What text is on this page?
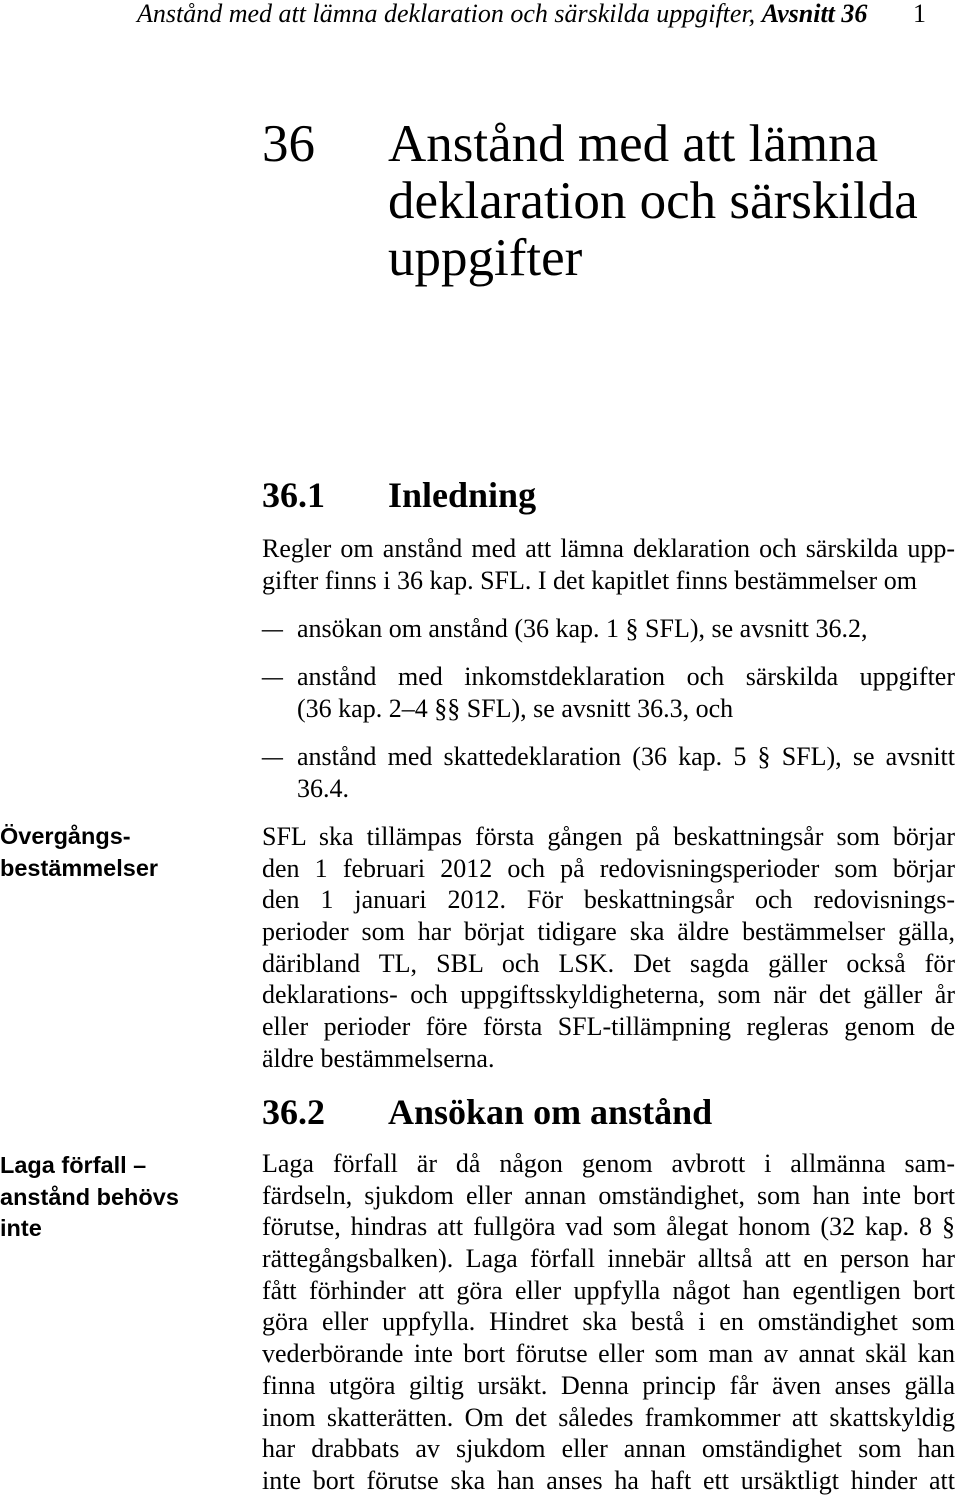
Anstånd med att lämna deklaration och särskilda uppgifter, Avsnitt 36 1
36 Anstånd med att lämna
deklaration och särskilda
uppgifter
36.1 Inledning
Regler om anstånd med att lämna deklaration och särskilda upp-
gifter finns i 36 kap. SFL. I det kapitlet finns bestämmelser om
– ansökan om anstånd (36 kap. 1 § SFL), se avsnitt 36.2,
– anstånd med inkomstdeklaration och särskilda uppgifter
(36 kap. 2–4 §§ SFL), se avsnitt 36.3, och
– anstånd med skattedeklaration (36 kap. 5 § SFL), se avsnitt
36.4.
Övergångs-
bestämmelser
SFL ska tillämpas första gången på beskattningsår som börjar
den 1 februari 2012 och på redovisningsperioder som börjar
den 1 januari 2012. För beskattningsår och redovisnings-
perioder som har börjat tidigare ska äldre bestämmelser gälla,
däribland TL, SBL och LSK. Det sagda gäller också för
deklarations- och uppgiftsskyldigheterna, som när det gäller år
eller perioder före första SFL-tillämpning regleras genom de
äldre bestämmelserna.
36.2 Ansökan om anstånd
Laga förfall –
anstånd behövs
inte
Laga förfall är då någon genom avbrott i allmänna sam-
färdseln, sjukdom eller annan omständighet, som han inte bort
förutse, hindras att fullgöra vad som ålegat honom (32 kap. 8 §
rättegångsbalken). Laga förfall innebär alltså att en person har
fått förhinder att göra eller uppfylla något han egentligen bort
göra eller uppfylla. Hindret ska bestå i en omständighet som
vederbörande inte bort förutse eller som man av annat skäl kan
finna utgöra giltig ursäkt. Denna princip får även anses gälla
inom skatterätten. Om det således framkommer att skattskyldig
har drabbats av sjukdom eller annan omständighet som han
inte bort förutse ska han anses ha haft ett ursäktligt hinder att
